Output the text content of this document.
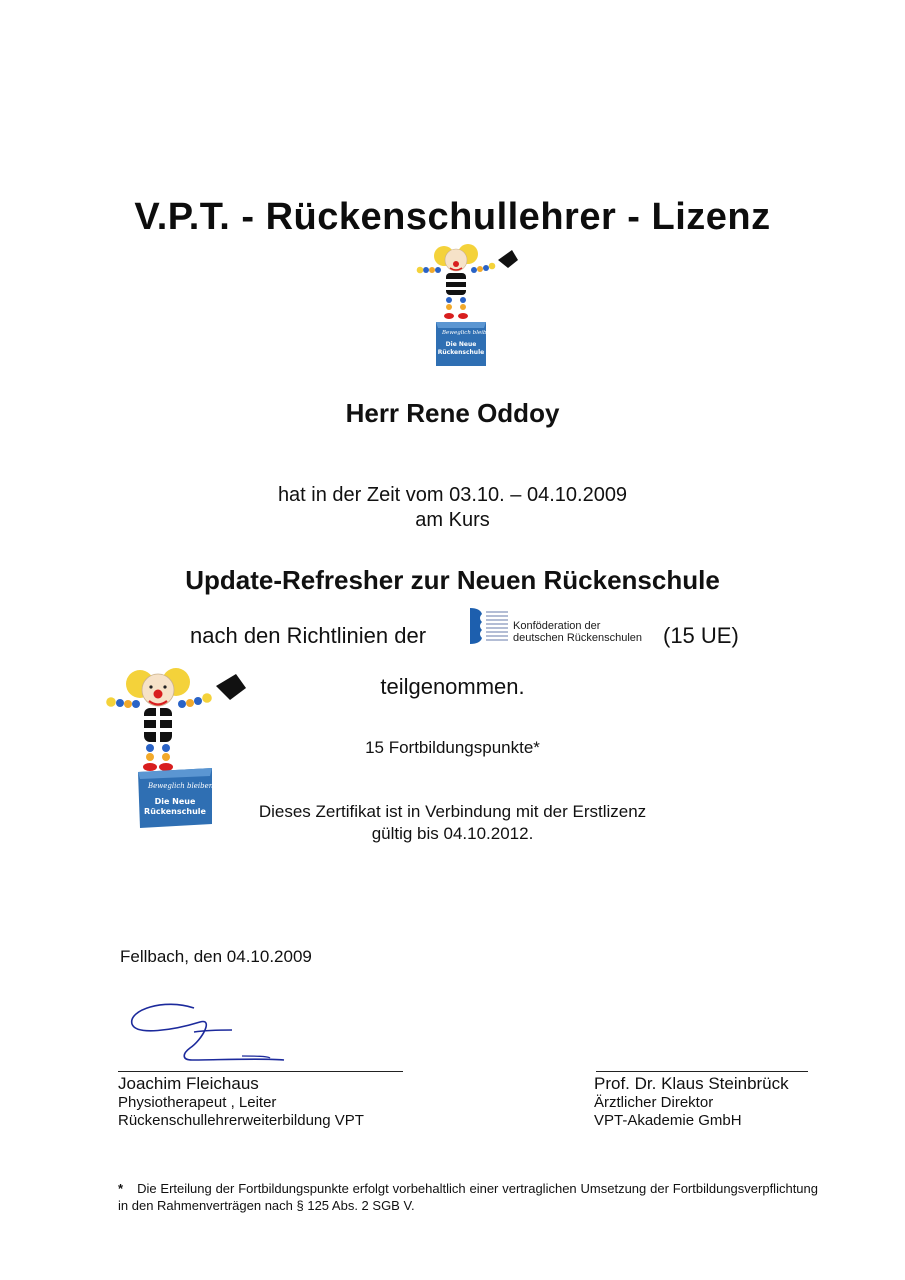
V.P.T. - Rückenschullehrer - Lizenz
Beweglich bleiben
Die Neue
Rückenschule
Herr Rene Oddoy
hat in der Zeit vom 03.10. – 04.10.2009
am Kurs
Update-Refresher zur Neuen Rückenschule
nach den Richtlinien der	Konföderation der
deutschen Rückenschulen (15 UE)
teilgenommen.
Beweglich bleiben
Die Neue
Rückenschule
15 Fortbildungspunkte*
Dieses Zertifikat ist in Verbindung mit der Erstlizenz
gültig bis 04.10.2012.
Fellbach, den 04.10.2009
Joachim Fleichaus
Physiotherapeut , Leiter
Rückenschullehrerweiterbildung VPT
Prof. Dr. Klaus Steinbrück
Ärztlicher Direktor
VPT-Akademie GmbH
* Die Erteilung der Fortbildungspunkte erfolgt vorbehaltlich einer vertraglichen Umsetzung der Fortbildungsverpflichtung in den Rahmenverträgen nach § 125 Abs. 2 SGB V.
